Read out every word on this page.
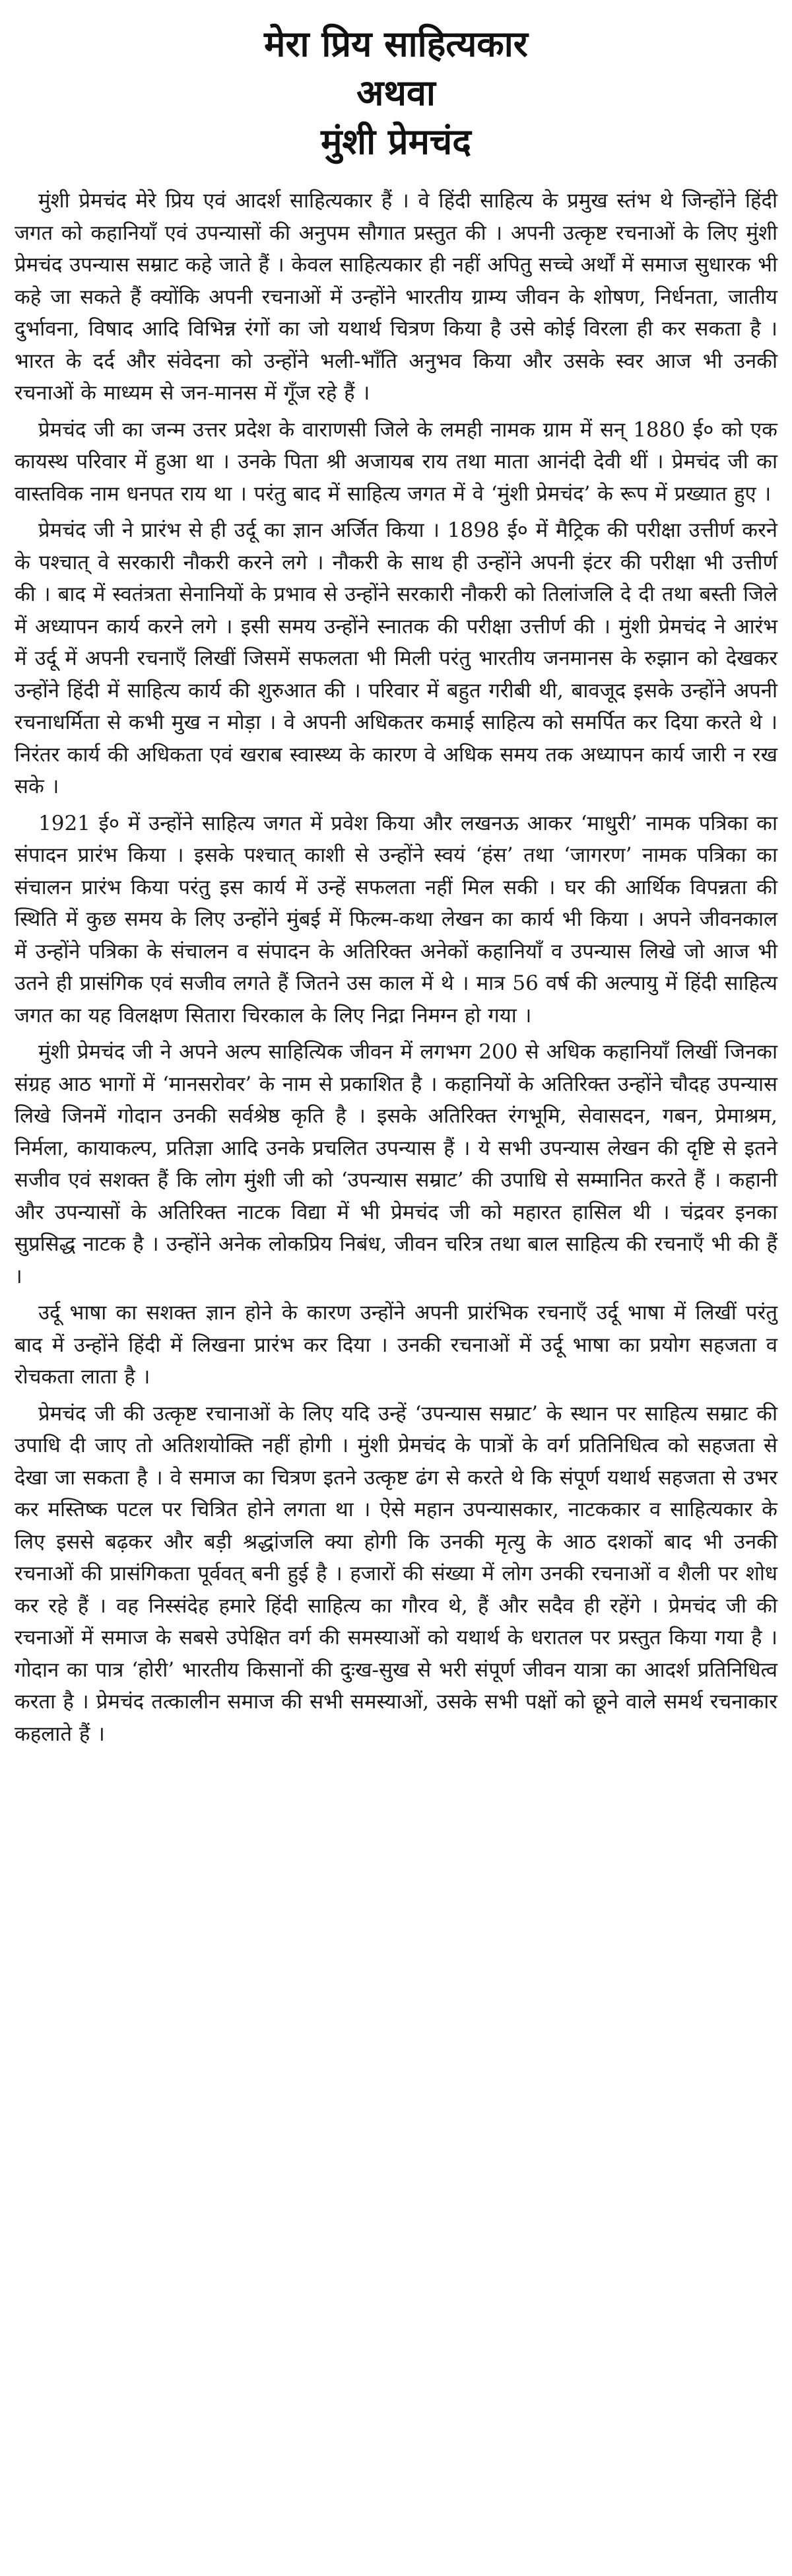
मेरा प्रिय साहित्यकार
अथवा
मुंशी प्रेमचंद

मुंशी प्रेमचंद मेरे प्रिय एवं आदर्श साहित्यकार हैं । वे हिंदी साहित्य के प्रमुख स्तंभ थे जिन्होंने हिंदी जगत को कहानियाँ एवं उपन्यासों की अनुपम सौगात प्रस्तुत की । अपनी उत्कृष्ट रचनाओं के लिए मुंशी प्रेमचंद उपन्यास सम्राट कहे जाते हैं । केवल साहित्यकार ही नहीं अपितु सच्चे अर्थों में समाज सुधारक भी कहे जा सकते हैं क्योंकि अपनी रचनाओं में उन्होंने भारतीय ग्राम्य जीवन के शोषण, निर्धनता, जातीय दुर्भावना, विषाद आदि विभिन्न रंगों का जो यथार्थ चित्रण किया है उसे कोई विरला ही कर सकता है । भारत के दर्द और संवेदना को उन्होंने भली-भाँति अनुभव किया और उसके स्वर आज भी उनकी रचनाओं के माध्यम से जन-मानस में गूँज रहे हैं ।

प्रेमचंद जी का जन्म उत्तर प्रदेश के वाराणसी जिले के लमही नामक ग्राम में सन् 1880 ई० को एक कायस्थ परिवार में हुआ था । उनके पिता श्री अजायब राय तथा माता आनंदी देवी थीं । प्रेमचंद जी का वास्तविक नाम धनपत राय था । परंतु बाद में साहित्य जगत में वे ‘मुंशी प्रेमचंद’ के रूप में प्रख्यात हुए ।

प्रेमचंद जी ने प्रारंभ से ही उर्दू का ज्ञान अर्जित किया । 1898 ई० में मैट्रिक की परीक्षा उत्तीर्ण करने के पश्चात् वे सरकारी नौकरी करने लगे । नौकरी के साथ ही उन्होंने अपनी इंटर की परीक्षा भी उत्तीर्ण की । बाद में स्वतंत्रता सेनानियों के प्रभाव से उन्होंने सरकारी नौकरी को तिलांजलि दे दी तथा बस्ती जिले में अध्यापन कार्य करने लगे । इसी समय उन्होंने स्नातक की परीक्षा उत्तीर्ण की । मुंशी प्रेमचंद ने आरंभ में उर्दू में अपनी रचनाएँ लिखीं जिसमें सफलता भी मिली परंतु भारतीय जनमानस के रुझान को देखकर उन्होंने हिंदी में साहित्य कार्य की शुरुआत की । परिवार में बहुत गरीबी थी, बावजूद इसके उन्होंने अपनी रचनाधर्मिता से कभी मुख न मोड़ा । वे अपनी अधिकतर कमाई साहित्य को समर्पित कर दिया करते थे । निरंतर कार्य की अधिकता एवं खराब स्वास्थ्य के कारण वे अधिक समय तक अध्यापन कार्य जारी न रख सके ।

1921 ई० में उन्होंने साहित्य जगत में प्रवेश किया और लखनऊ आकर ‘माधुरी’ नामक पत्रिका का संपादन प्रारंभ किया । इसके पश्चात् काशी से उन्होंने स्वयं ‘हंस’ तथा ‘जागरण’ नामक पत्रिका का संचालन प्रारंभ किया परंतु इस कार्य में उन्हें सफलता नहीं मिल सकी । घर की आर्थिक विपन्नता की स्थिति में कुछ समय के लिए उन्होंने मुंबई में फिल्म-कथा लेखन का कार्य भी किया । अपने जीवनकाल में उन्होंने पत्रिका के संचालन व संपादन के अतिरिक्त अनेकों कहानियाँ व उपन्यास लिखे जो आज भी उतने ही प्रासंगिक एवं सजीव लगते हैं जितने उस काल में थे । मात्र 56 वर्ष की अल्पायु में हिंदी साहित्य जगत का यह विलक्षण सितारा चिरकाल के लिए निद्रा निमग्न हो गया ।

मुंशी प्रेमचंद जी ने अपने अल्प साहित्यिक जीवन में लगभग 200 से अधिक कहानियाँ लिखीं जिनका संग्रह आठ भागों में ‘मानसरोवर’ के नाम से प्रकाशित है । कहानियों के अतिरिक्त उन्होंने चौदह उपन्यास लिखे जिनमें गोदान उनकी सर्वश्रेष्ठ कृति है । इसके अतिरिक्त रंगभूमि, सेवासदन, गबन, प्रेमाश्रम, निर्मला, कायाकल्प, प्रतिज्ञा आदि उनके प्रचलित उपन्यास हैं । ये सभी उपन्यास लेखन की दृष्टि से इतने सजीव एवं सशक्त हैं कि लोग मुंशी जी को ‘उपन्यास सम्राट’ की उपाधि से सम्मानित करते हैं । कहानी और उपन्यासों के अतिरिक्त नाटक विद्या में भी प्रेमचंद जी को महारत हासिल थी । चंद्रवर इनका सुप्रसिद्ध नाटक है । उन्होंने अनेक लोकप्रिय निबंध, जीवन चरित्र तथा बाल साहित्य की रचनाएँ भी की हैं ।

उर्दू भाषा का सशक्त ज्ञान होने के कारण उन्होंने अपनी प्रारंभिक रचनाएँ उर्दू भाषा में लिखीं परंतु बाद में उन्होंने हिंदी में लिखना प्रारंभ कर दिया । उनकी रचनाओं में उर्दू भाषा का प्रयोग सहजता व रोचकता लाता है ।

प्रेमचंद जी की उत्कृष्ट रचानाओं के लिए यदि उन्हें ‘उपन्यास सम्राट’ के स्थान पर साहित्य सम्राट की उपाधि दी जाए तो अतिशयोक्ति नहीं होगी । मुंशी प्रेमचंद के पात्रों के वर्ग प्रतिनिधित्व को सहजता से देखा जा सकता है । वे समाज का चित्रण इतने उत्कृष्ट ढंग से करते थे कि संपूर्ण यथार्थ सहजता से उभर कर मस्तिष्क पटल पर चित्रित होने लगता था । ऐसे महान उपन्यासकार, नाटककार व साहित्यकार के लिए इससे बढ़कर और बड़ी श्रद्धांजलि क्या होगी कि उनकी मृत्यु के आठ दशकों बाद भी उनकी रचनाओं की प्रासंगिकता पूर्ववत् बनी हुई है । हजारों की संख्या में लोग उनकी रचनाओं व शैली पर शोध कर रहे हैं । वह निस्संदेह हमारे हिंदी साहित्य का गौरव थे, हैं और सदैव ही रहेंगे । प्रेमचंद जी की रचनाओं में समाज के सबसे उपेक्षित वर्ग की समस्याओं को यथार्थ के धरातल पर प्रस्तुत किया गया है । गोदान का पात्र ‘होरी’ भारतीय किसानों की दुःख-सुख से भरी संपूर्ण जीवन यात्रा का आदर्श प्रतिनिधित्व करता है । प्रेमचंद तत्कालीन समाज की सभी समस्याओं, उसके सभी पक्षों को छूने वाले समर्थ रचनाकार कहलाते हैं ।
